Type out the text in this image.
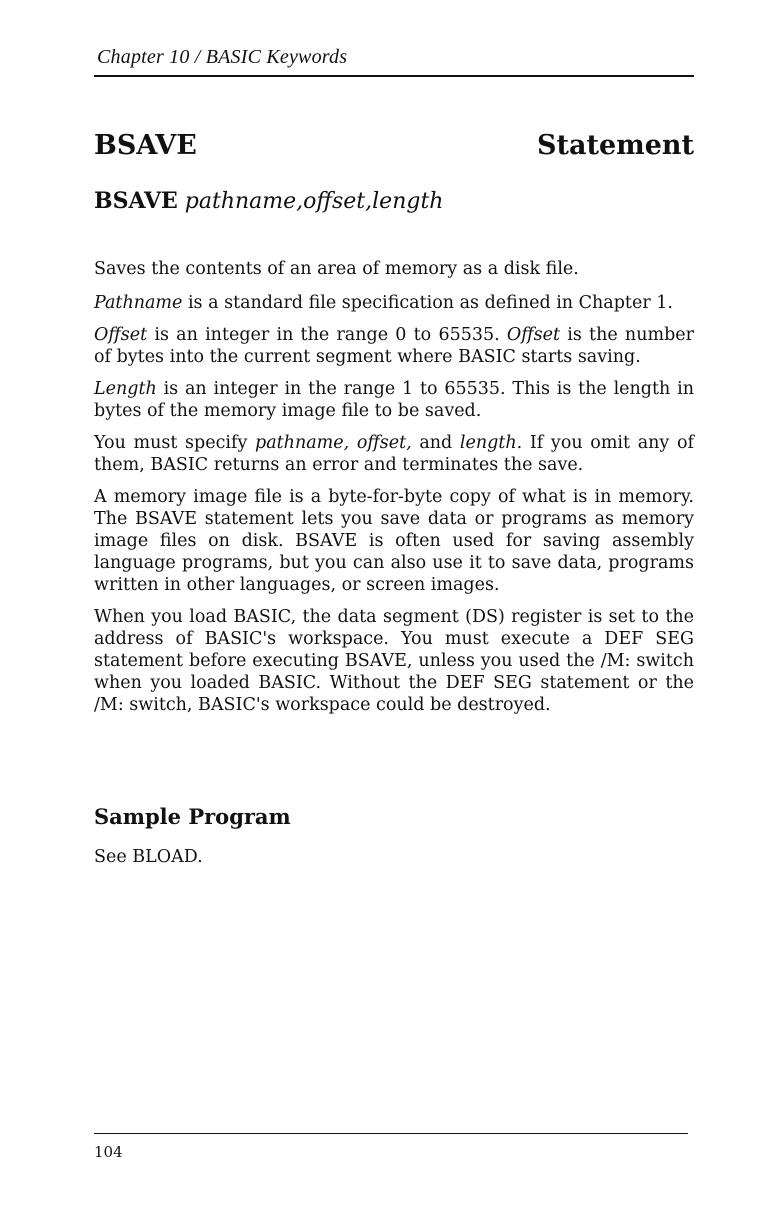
Chapter 10 / BASIC Keywords
BSAVE	Statement
BSAVE pathname,offset,length

Saves the contents of an area of memory as a disk file.

Pathname is a standard file specification as defined in Chapter 1.

Offset is an integer in the range 0 to 65535. Offset is the number of bytes into the current segment where BASIC starts saving.

Length is an integer in the range 1 to 65535. This is the length in bytes of the memory image file to be saved.

You must specify pathname, offset, and length. If you omit any of them, BASIC returns an error and terminates the save.

A memory image file is a byte-for-byte copy of what is in memory. The BSAVE statement lets you save data or programs as memory image files on disk. BSAVE is often used for saving assembly language programs, but you can also use it to save data, programs written in other languages, or screen images.

When you load BASIC, the data segment (DS) register is set to the address of BASIC's workspace. You must execute a DEF SEG statement before executing BSAVE, unless you used the /M: switch when you loaded BASIC. Without the DEF SEG statement or the /M: switch, BASIC's workspace could be destroyed.

Sample Program
See BLOAD.
104
